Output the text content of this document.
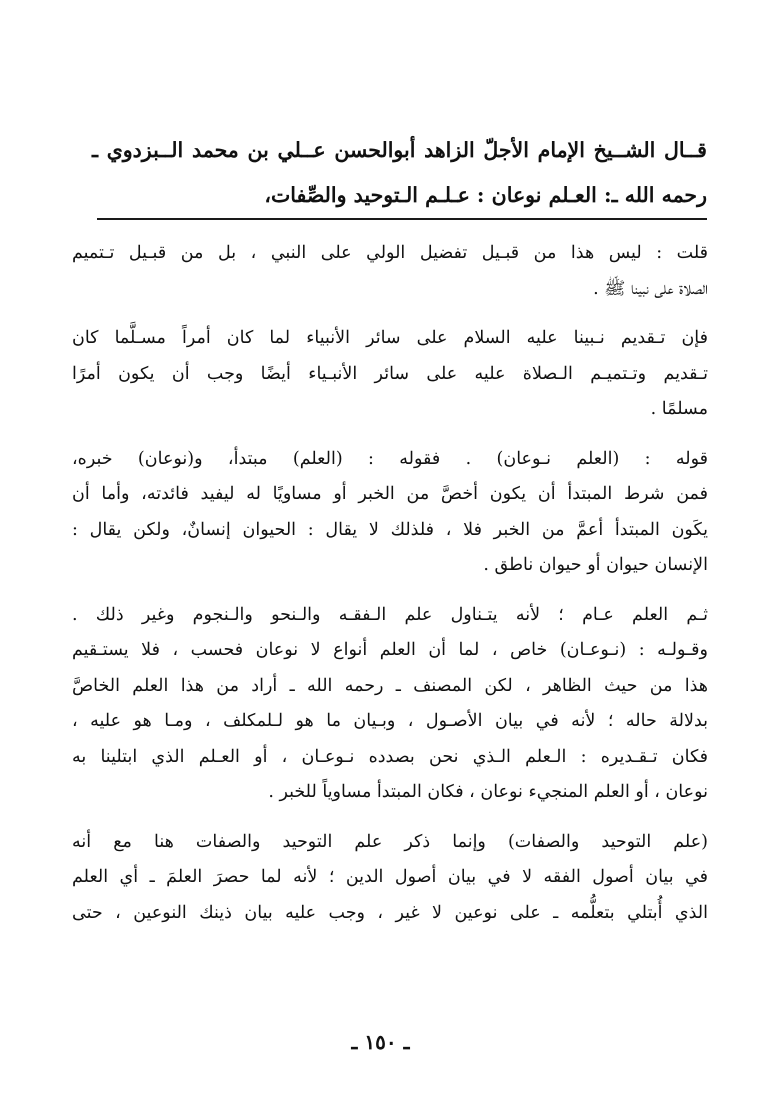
قــال الشــيخ الإمام الأجلّ الزاهد أبوالحسن عــلي بن محمد الــبزدوي ـ
رحمه الله ـ: العـلم نوعان : عـلـم الـتوحيد والصِّفات،
قلت : ليس هذا من قبـيل تفضيل الولي على النبي ، بل من قبـيل تـتميم
الصلاة على نبينا ﷺ .
فإن تـقديم نـبينا عليه السلام على سائر الأنبياء لما كان أمراً مسـلَّما كان
تـقديم وتـتميـم الـصلاة عليه على سائر الأنبـياء أيضًا وجب أن يكون أمرًا
مسلمًا .
قوله : (العلم نـوعان) . فقوله : (العلم) مبتدأ، و(نوعان) خبره،
فمن شرط المبتدأ أن يكون أخصَّ من الخبر أو مساويًا له ليفيد فائدته، وأما أن
يكَون المبتدأ أعمَّ من الخبر فلا ، فلذلك لا يقال : الحيوان إنسانٌ، ولكن يقال :
الإنسان حيوان أو حيوان ناطق .
ثـم العلم عـام ؛ لأنه يتـناول علم الـفقـه والـنحو والـنجوم وغير ذلك .
وقـولـه : (نـوعـان) خاص ، لما أن العلم أنواع لا نوعان فحسب ، فلا يستـقيم
هذا من حيث الظاهر ، لكن المصنف ـ رحمه الله ـ أراد من هذا العلم الخاصَّ
بدلالة حاله ؛ لأنه في بيان الأصـول ، وبـيان ما هو لـلمكلف ، ومـا هو عليه ،
فكان تـقـديره : الـعلم الـذي نحن بصدده نـوعـان ، أو العـلم الذي ابتلينا به
نوعان ، أو العلم المنجيء نوعان ، فكان المبتدأ مساوياً للخبر .
(علم التوحيد والصفات) وإنما ذكر علم التوحيد والصفات هنا مع أنه
في بيان أصول الفقه لا في بيان أصول الدين ؛ لأنه لما حصرَ العلمَ ـ أي العلم
الذي أُبتلي بتعلُّمه ـ على نوعين لا غير ، وجب عليه بيان ذينك النوعين ، حتى
ـ ١٥٠ ـ
